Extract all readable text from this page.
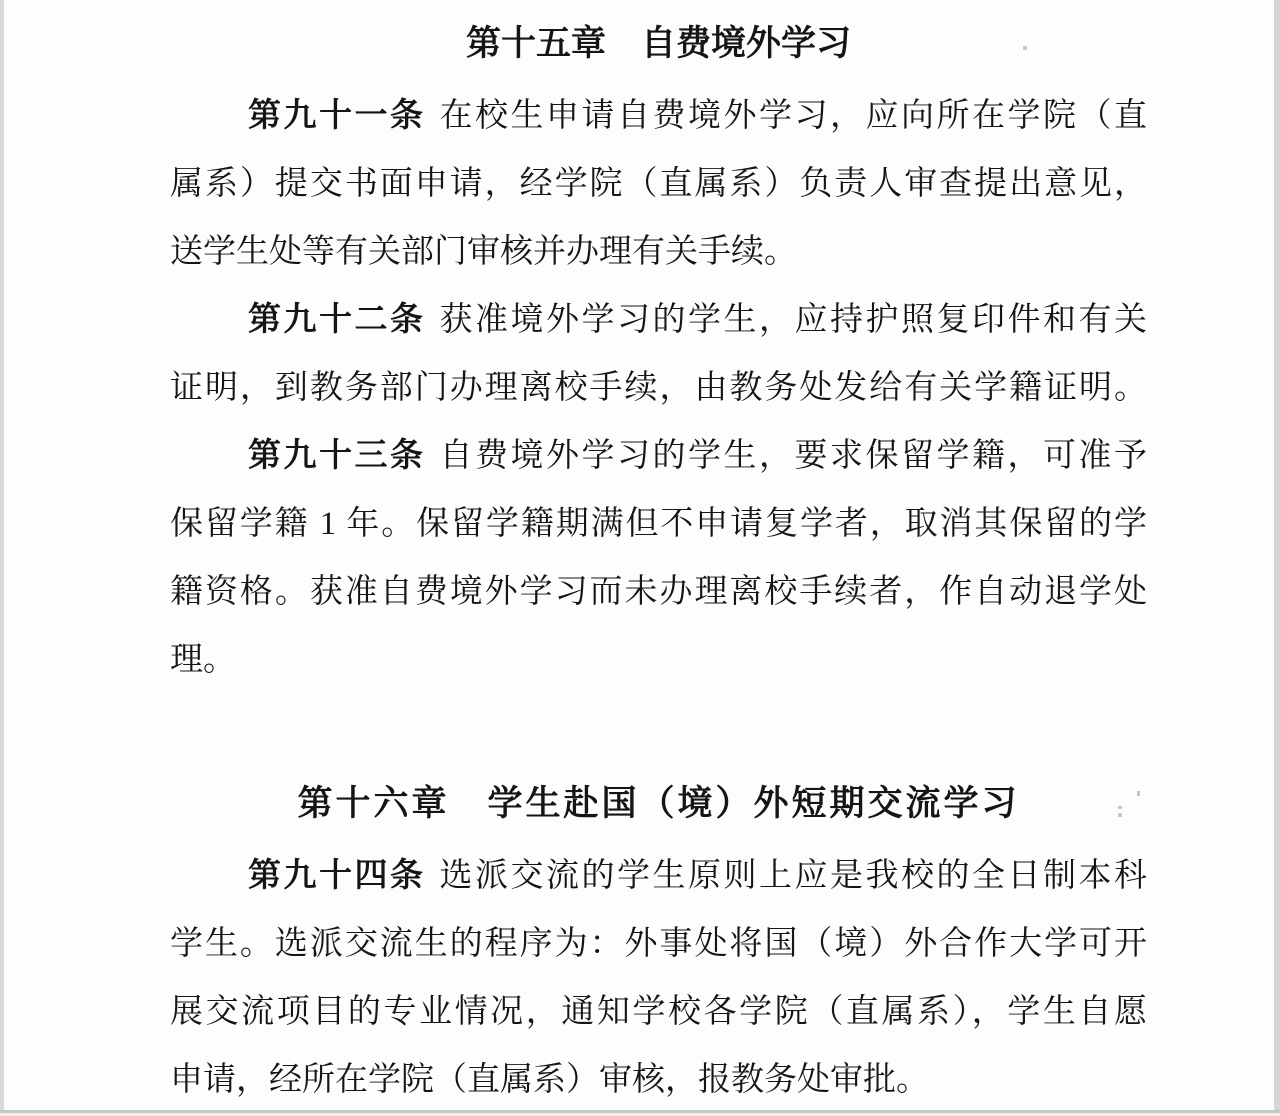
第十五章　自费境外学习
第九十一条 在校生申请自费境外学习，应向所在学院（直
属系）提交书面申请，经学院（直属系）负责人审查提出意见，
送学生处等有关部门审核并办理有关手续。
第九十二条 获准境外学习的学生，应持护照复印件和有关
证明，到教务部门办理离校手续，由教务处发给有关学籍证明。
第九十三条 自费境外学习的学生，要求保留学籍，可准予
保留学籍 1 年。保留学籍期满但不申请复学者，取消其保留的学
籍资格。获准自费境外学习而未办理离校手续者，作自动退学处
理。
第十六章　学生赴国（境）外短期交流学习
第九十四条 选派交流的学生原则上应是我校的全日制本科
学生。选派交流生的程序为：外事处将国（境）外合作大学可开
展交流项目的专业情况，通知学校各学院（直属系），学生自愿
申请，经所在学院（直属系）审核，报教务处审批。
